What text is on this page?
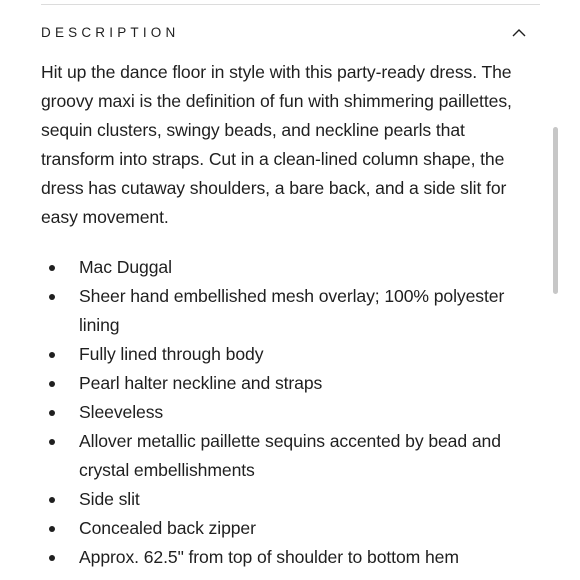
DESCRIPTION

Hit up the dance floor in style with this party-ready dress. The groovy maxi is the definition of fun with shimmering paillettes, sequin clusters, swingy beads, and neckline pearls that transform into straps. Cut in a clean-lined column shape, the dress has cutaway shoulders, a bare back, and a side slit for easy movement.

Mac Duggal
Sheer hand embellished mesh overlay; 100% polyester lining
Fully lined through body
Pearl halter neckline and straps
Sleeveless
Allover metallic paillette sequins accented by bead and crystal embellishments
Side slit
Concealed back zipper
Approx. 62.5" from top of shoulder to bottom hem
